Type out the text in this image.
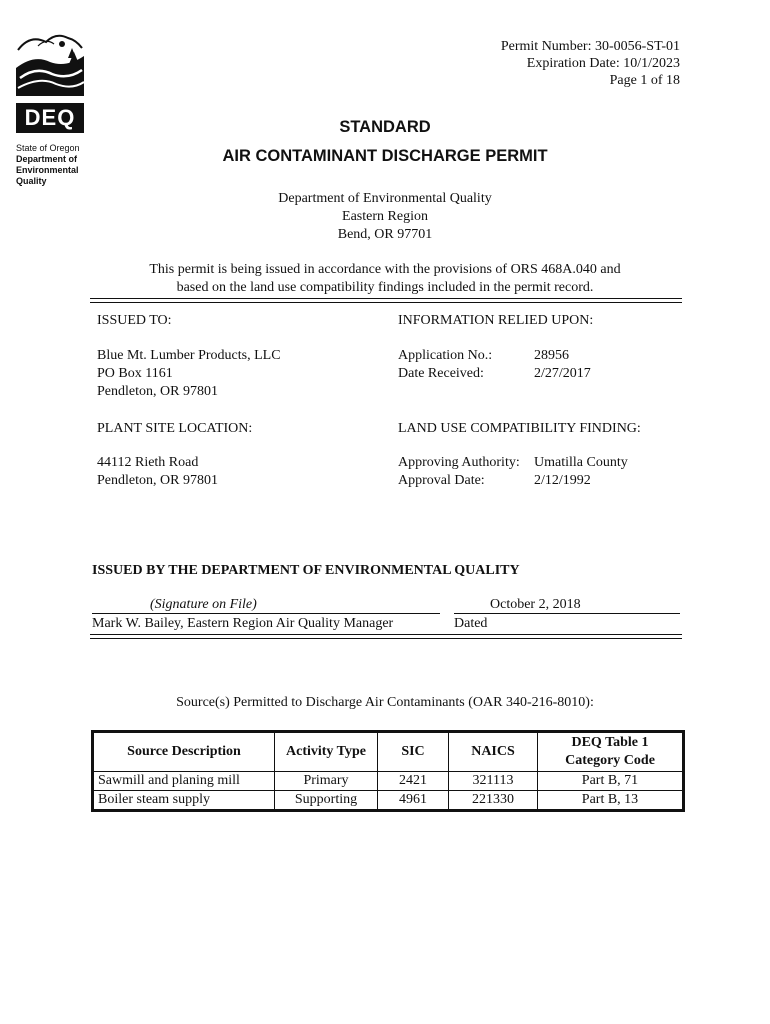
DEQ
State of Oregon
Department of
Environmental
Quality
Permit Number: 30-0056-ST-01
Expiration Date: 10/1/2023
Page 1 of 18
STANDARD
AIR CONTAMINANT DISCHARGE PERMIT
Department of Environmental Quality
Eastern Region
Bend, OR 97701
This permit is being issued in accordance with the provisions of ORS 468A.040 and
based on the land use compatibility findings included in the permit record.
ISSUED TO:
Blue Mt. Lumber Products, LLC
PO Box 1161
Pendleton, OR 97801
INFORMATION RELIED UPON:
Application No.:	28956
Date Received:	2/27/2017
PLANT SITE LOCATION:
44112 Rieth Road
Pendleton, OR 97801
LAND USE COMPATIBILITY FINDING:
Approving Authority: Umatilla County
Approval Date:	2/12/1992
ISSUED BY THE DEPARTMENT OF ENVIRONMENTAL QUALITY
(Signature on File)	October 2, 2018
Mark W. Bailey, Eastern Region Air Quality Manager	Dated
Source(s) Permitted to Discharge Air Contaminants (OAR 340-216-8010):
Source Description	Activity Type	SIC	NAICS	DEQ Table 1
Category Code

Sawmill and planing mill	Primary	2421	321113	Part B, 71
Boiler steam supply	Supporting	4961	221330	Part B, 13
